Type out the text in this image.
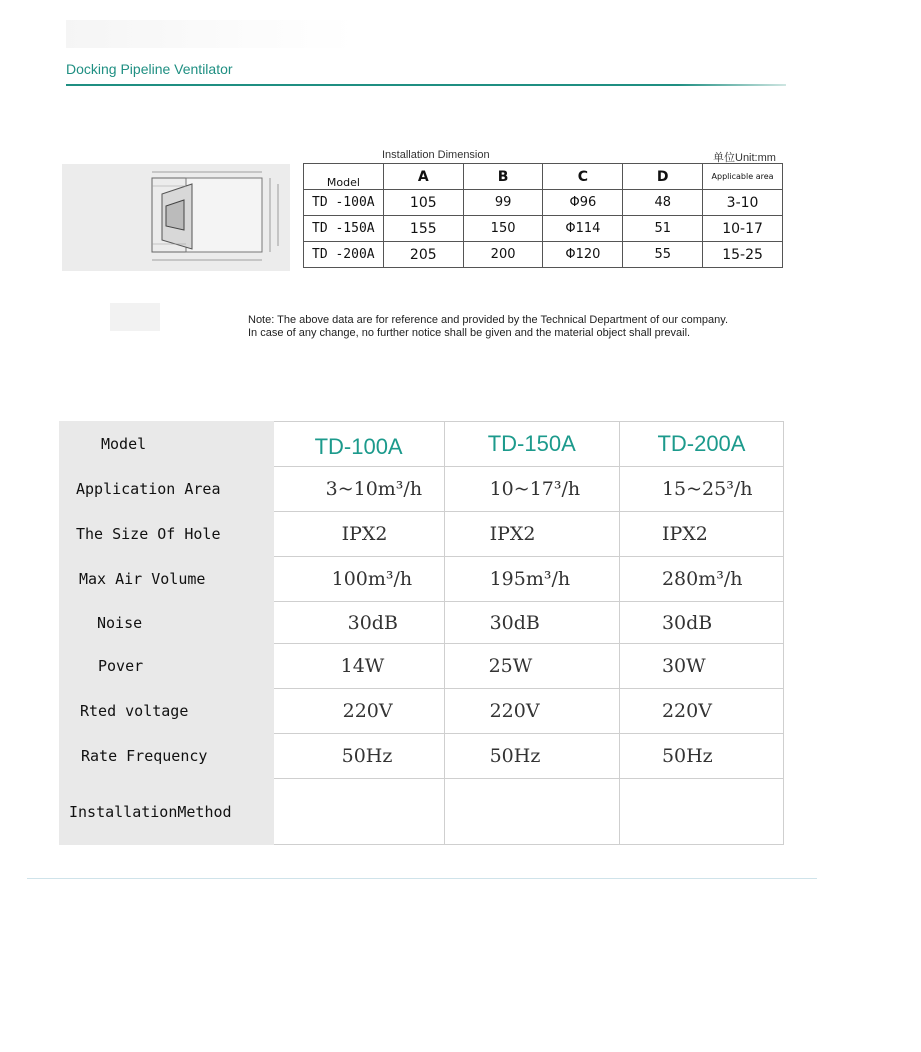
Docking Pipeline Ventilator
Installation Dimension	单位Unit:mm
Model	A	B	C	D	Applicable area
TD -100A	105	99	Φ96	48	3-10
TD -150A	155	150	Φ114	51	10-17
TD -200A	205	200	Φ120	55	15-25
Note: The above data are for reference and provided by the Technical Department of our company.
In case of any change, no further notice shall be given and the material object shall prevail.
Model	TD-100A	TD-150A	TD-200A
Application Area	3~10m³/h	10~17³/h	15~25³/h
The Size Of Hole	IPX2	IPX2	IPX2
Max Air Volume	100m³/h	195m³/h	280m³/h
Noise	30dB	30dB	30dB
Pover	14W	25W	30W
Rted voltage	220V	220V	220V
Rate Frequency	50Hz	50Hz	50Hz
InstallationMethod			
